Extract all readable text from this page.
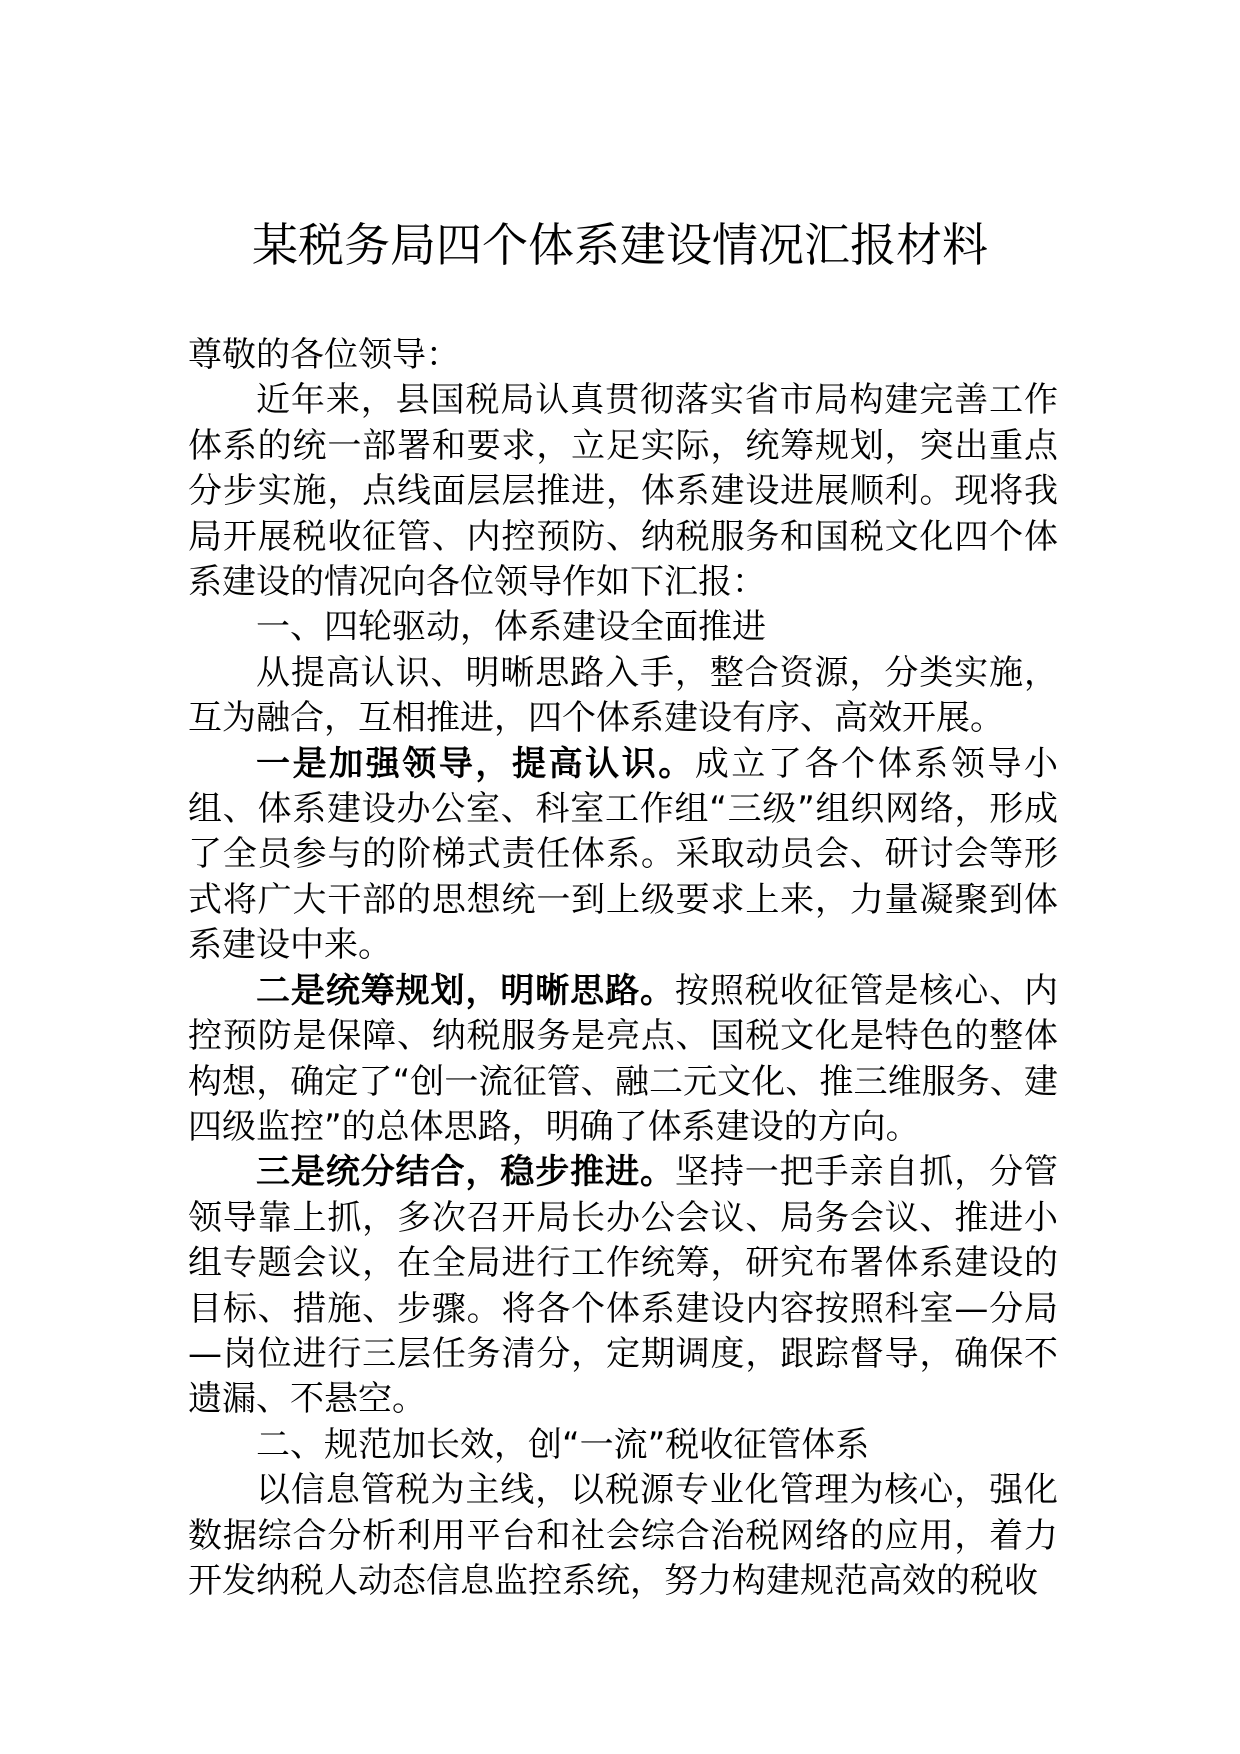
某税务局四个体系建设情况汇报材料

尊敬的各位领导：

近年来，县国税局认真贯彻落实省市局构建完善工作体系的统一部署和要求，立足实际，统筹规划，突出重点分步实施，点线面层层推进，体系建设进展顺利。现将我局开展税收征管、内控预防、纳税服务和国税文化四个体系建设的情况向各位领导作如下汇报：

一、四轮驱动，体系建设全面推进

从提高认识、明晰思路入手，整合资源，分类实施，互为融合，互相推进，四个体系建设有序、高效开展。

一是加强领导，提高认识。成立了各个体系领导小组、体系建设办公室、科室工作组“三级”组织网络，形成了全员参与的阶梯式责任体系。采取动员会、研讨会等形式将广大干部的思想统一到上级要求上来，力量凝聚到体系建设中来。

二是统筹规划，明晰思路。按照税收征管是核心、内控预防是保障、纳税服务是亮点、国税文化是特色的整体构想，确定了“创一流征管、融二元文化、推三维服务、建四级监控”的总体思路，明确了体系建设的方向。

三是统分结合，稳步推进。坚持一把手亲自抓，分管领导靠上抓，多次召开局长办公会议、局务会议、推进小组专题会议，在全局进行工作统筹，研究布署体系建设的目标、措施、步骤。将各个体系建设内容按照科室—分局—岗位进行三层任务清分，定期调度，跟踪督导，确保不遗漏、不悬空。

二、规范加长效，创“一流”税收征管体系

以信息管税为主线，以税源专业化管理为核心，强化数据综合分析利用平台和社会综合治税网络的应用，着力开发纳税人动态信息监控系统，努力构建规范高效的税收
